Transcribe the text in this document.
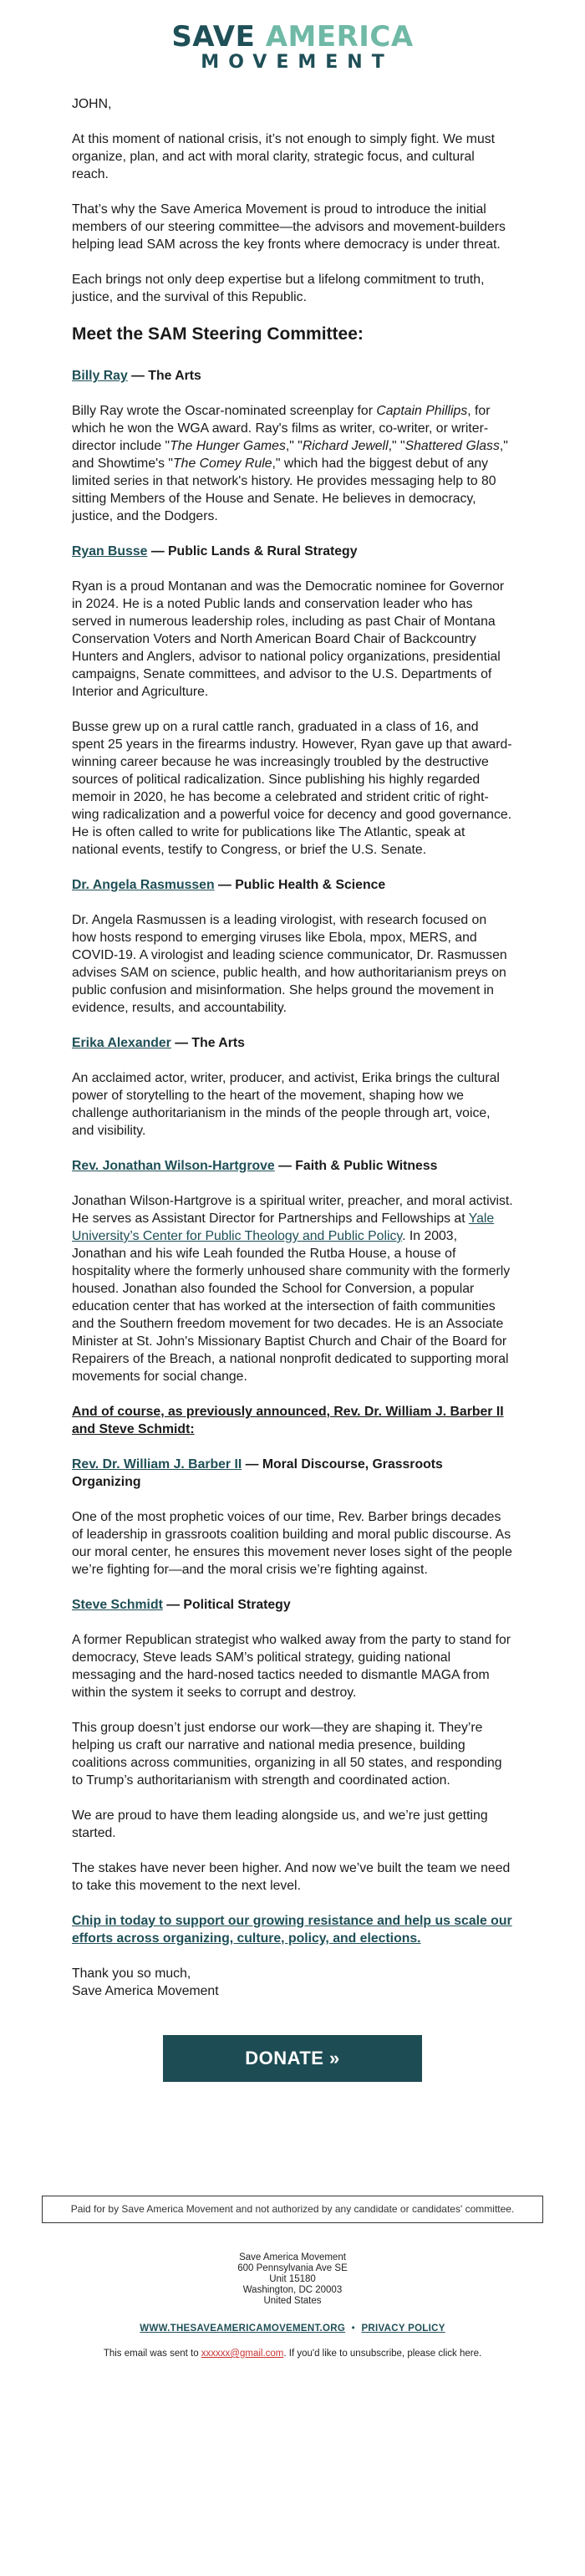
SAVE AMERICA
MOVEMENT

JOHN,

At this moment of national crisis, it’s not enough to simply fight. We must organize, plan, and act with moral clarity, strategic focus, and cultural reach.

That’s why the Save America Movement is proud to introduce the initial members of our steering committee—the advisors and movement-builders helping lead SAM across the key fronts where democracy is under threat.

Each brings not only deep expertise but a lifelong commitment to truth, justice, and the survival of this Republic.

Meet the SAM Steering Committee:
Billy Ray — The Arts

Billy Ray wrote the Oscar-nominated screenplay for Captain Phillips, for which he won the WGA award. Ray's films as writer, co-writer, or writer-director include "The Hunger Games," "Richard Jewell," "Shattered Glass," and Showtime's "The Comey Rule," which had the biggest debut of any limited series in that network's history. He provides messaging help to 80 sitting Members of the House and Senate. He believes in democracy, justice, and the Dodgers.

Ryan Busse — Public Lands & Rural Strategy

Ryan is a proud Montanan and was the Democratic nominee for Governor in 2024. He is a noted Public lands and conservation leader who has served in numerous leadership roles, including as past Chair of Montana Conservation Voters and North American Board Chair of Backcountry Hunters and Anglers, advisor to national policy organizations, presidential campaigns, Senate committees, and advisor to the U.S. Departments of Interior and Agriculture.

Busse grew up on a rural cattle ranch, graduated in a class of 16, and spent 25 years in the firearms industry. However, Ryan gave up that award-winning career because he was increasingly troubled by the destructive sources of political radicalization. Since publishing his highly regarded memoir in 2020, he has become a celebrated and strident critic of right-wing radicalization and a powerful voice for decency and good governance. He is often called to write for publications like The Atlantic, speak at national events, testify to Congress, or brief the U.S. Senate.

Dr. Angela Rasmussen — Public Health & Science

Dr. Angela Rasmussen is a leading virologist, with research focused on how hosts respond to emerging viruses like Ebola, mpox, MERS, and COVID-19. A virologist and leading science communicator, Dr. Rasmussen advises SAM on science, public health, and how authoritarianism preys on public confusion and misinformation. She helps ground the movement in evidence, results, and accountability.

Erika Alexander — The Arts

An acclaimed actor, writer, producer, and activist, Erika brings the cultural power of storytelling to the heart of the movement, shaping how we challenge authoritarianism in the minds of the people through art, voice, and visibility.

Rev. Jonathan Wilson-Hartgrove — Faith & Public Witness

Jonathan Wilson-Hartgrove is a spiritual writer, preacher, and moral activist. He serves as Assistant Director for Partnerships and Fellowships at Yale University’s Center for Public Theology and Public Policy. In 2003, Jonathan and his wife Leah founded the Rutba House, a house of hospitality where the formerly unhoused share community with the formerly housed. Jonathan also founded the School for Conversion, a popular education center that has worked at the intersection of faith communities and the Southern freedom movement for two decades. He is an Associate Minister at St. John's Missionary Baptist Church and Chair of the Board for Repairers of the Breach, a national nonprofit dedicated to supporting moral movements for social change.

And of course, as previously announced, Rev. Dr. William J. Barber II and Steve Schmidt:

Rev. Dr. William J. Barber II — Moral Discourse, Grassroots Organizing

One of the most prophetic voices of our time, Rev. Barber brings decades of leadership in grassroots coalition building and moral public discourse. As our moral center, he ensures this movement never loses sight of the people we’re fighting for—and the moral crisis we’re fighting against.

Steve Schmidt — Political Strategy

A former Republican strategist who walked away from the party to stand for democracy, Steve leads SAM’s political strategy, guiding national messaging and the hard-nosed tactics needed to dismantle MAGA from within the system it seeks to corrupt and destroy.

This group doesn’t just endorse our work—they are shaping it. They’re helping us craft our narrative and national media presence, building coalitions across communities, organizing in all 50 states, and responding to Trump’s authoritarianism with strength and coordinated action.

We are proud to have them leading alongside us, and we’re just getting started.

The stakes have never been higher. And now we’ve built the team we need to take this movement to the next level.

Chip in today to support our growing resistance and help us scale our efforts across organizing, culture, policy, and elections.

Thank you so much,
Save America Movement

DONATE »
Paid for by Save America Movement and not authorized by any candidate or candidates' committee.
Save America Movement
600 Pennsylvania Ave SE
Unit 15180
Washington, DC 20003
United States
WWW.THESAVEAMERICAMOVEMENT.ORG • PRIVACY POLICY
This email was sent to xxxxxx@gmail.com. If you'd like to unsubscribe, please click here.
